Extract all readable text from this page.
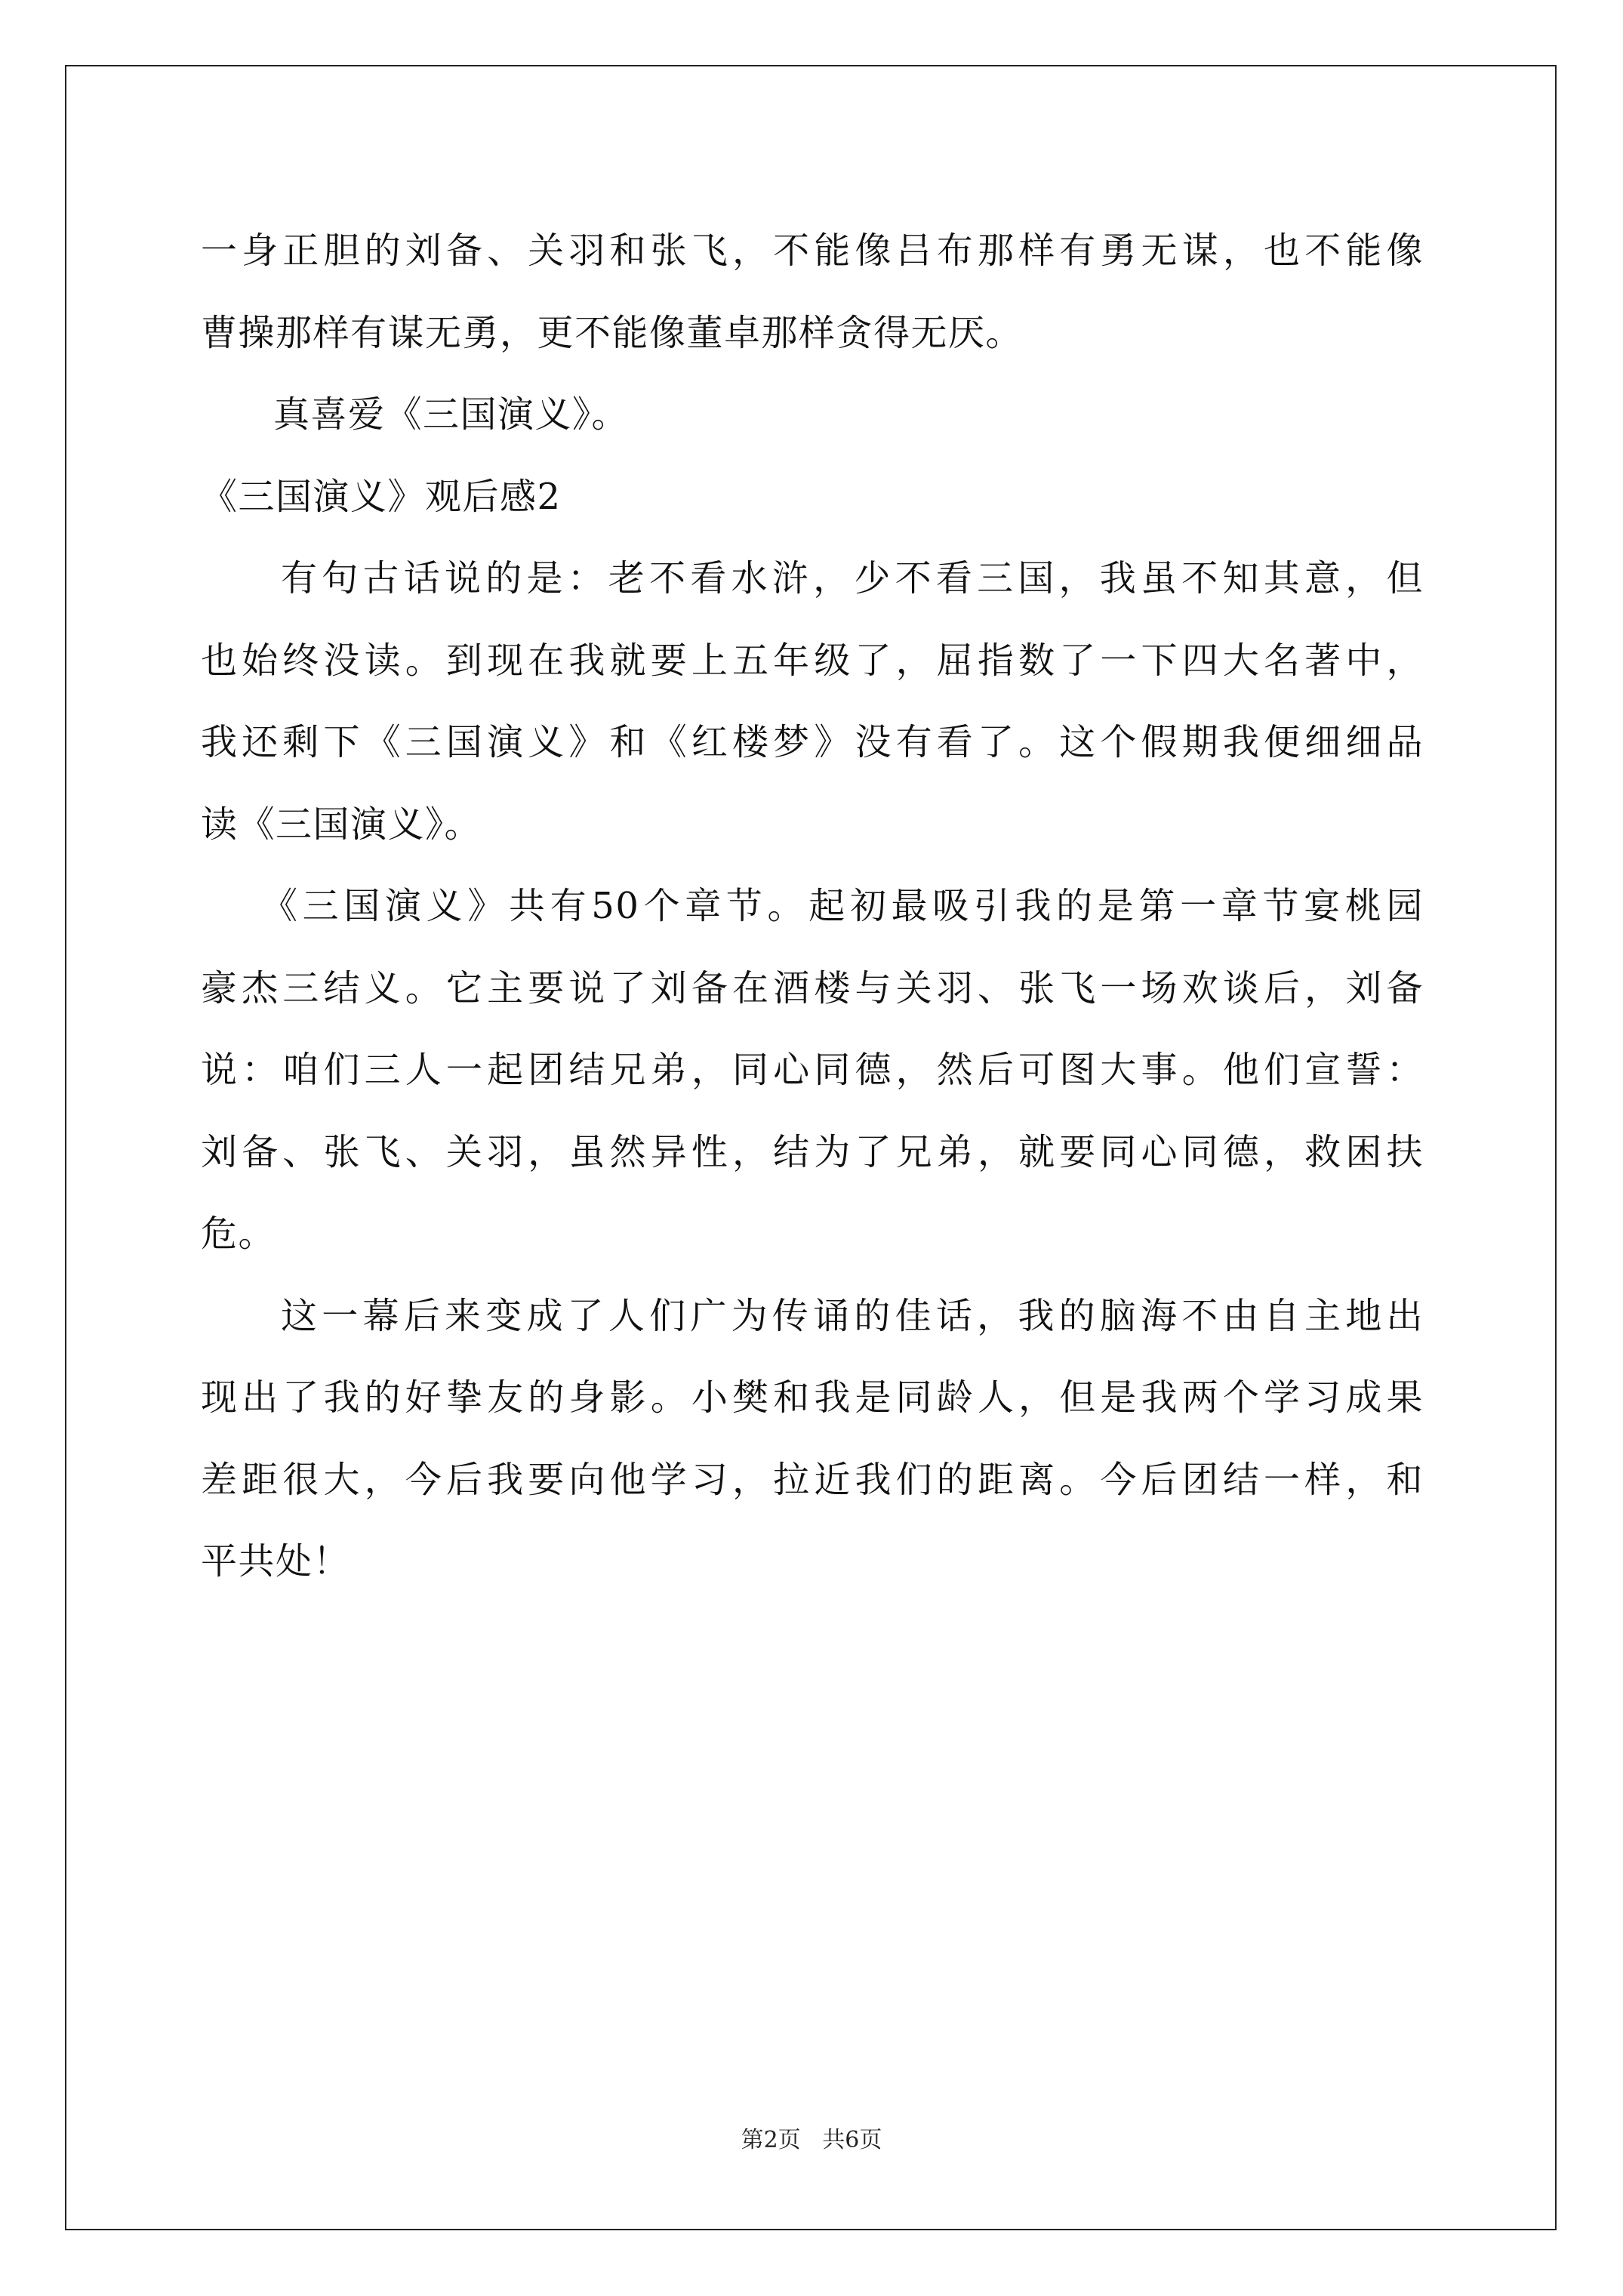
一身正胆的刘备、关羽和张飞，不能像吕布那样有勇无谋，也不能像
曹操那样有谋无勇，更不能像董卓那样贪得无厌。
真喜爱《三国演义》。
《三国演义》观后感2
有句古话说的是：老不看水浒，少不看三国，我虽不知其意，但
也始终没读。到现在我就要上五年级了，屈指数了一下四大名著中，
我还剩下《三国演义》和《红楼梦》没有看了。这个假期我便细细品
读《三国演义》。
《三国演义》共有50个章节。起初最吸引我的是第一章节宴桃园
豪杰三结义。它主要说了刘备在酒楼与关羽、张飞一场欢谈后，刘备
说：咱们三人一起团结兄弟，同心同德，然后可图大事。他们宣誓：
刘备、张飞、关羽，虽然异性，结为了兄弟，就要同心同德，救困扶
危。
这一幕后来变成了人们广为传诵的佳话，我的脑海不由自主地出
现出了我的好挚友的身影。小樊和我是同龄人，但是我两个学习成果
差距很大，今后我要向他学习，拉近我们的距离。今后团结一样，和
平共处！
第2页   共6页
